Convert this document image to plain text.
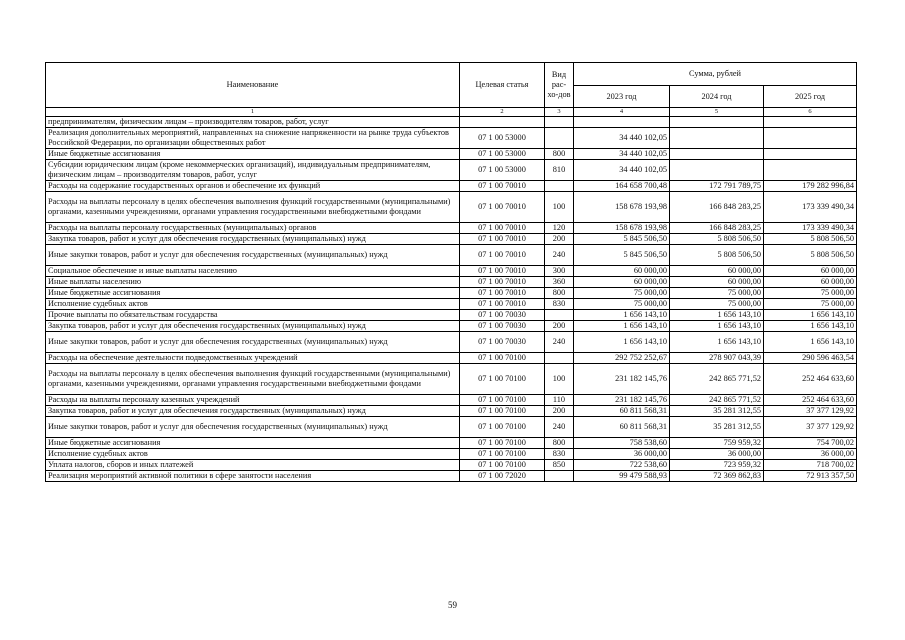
Наименование	Целевая статья	Вид рас-хо-дов	Сумма, рублей		
			2023 год	2024 год	2025 год
1	2	3	4	5	6
предпринимателям, физическим лицам – производителям товаров, работ, услуг					
Реализация дополнительных мероприятий, направленных на снижение напряженности на рынке труда субъектов Российской Федерации, по организации общественных работ	07 1 00 53000		34 440 102,05		
Иные бюджетные ассигнования	07 1 00 53000	800	34 440 102,05		
Субсидии юридическим лицам (кроме некоммерческих организаций), индивидуальным предпринимателям, физическим лицам – производителям товаров, работ, услуг	07 1 00 53000	810	34 440 102,05		
Расходы на содержание государственных органов и обеспечение их функций	07 1 00 70010		164 658 700,48	172 791 789,75	179 282 996,84
Расходы на выплаты персоналу в целях обеспечения выполнения функций государственными (муниципальными) органами, казенными учреждениями, органами управления государственными внебюджетными фондами	07 1 00 70010	100	158 678 193,98	166 848 283,25	173 339 490,34
Расходы на выплаты персоналу государственных (муниципальных) органов	07 1 00 70010	120	158 678 193,98	166 848 283,25	173 339 490,34
Закупка товаров, работ и услуг для обеспечения государственных (муниципальных) нужд	07 1 00 70010	200	5 845 506,50	5 808 506,50	5 808 506,50
Иные закупки товаров, работ и услуг для обеспечения государственных (муниципальных) нужд	07 1 00 70010	240	5 845 506,50	5 808 506,50	5 808 506,50
Социальное обеспечение и иные выплаты населению	07 1 00 70010	300	60 000,00	60 000,00	60 000,00
Иные выплаты населению	07 1 00 70010	360	60 000,00	60 000,00	60 000,00
Иные бюджетные ассигнования	07 1 00 70010	800	75 000,00	75 000,00	75 000,00
Исполнение судебных актов	07 1 00 70010	830	75 000,00	75 000,00	75 000,00
Прочие выплаты по обязательствам государства	07 1 00 70030		1 656 143,10	1 656 143,10	1 656 143,10
Закупка товаров, работ и услуг для обеспечения государственных (муниципальных) нужд	07 1 00 70030	200	1 656 143,10	1 656 143,10	1 656 143,10
Иные закупки товаров, работ и услуг для обеспечения государственных (муниципальных) нужд	07 1 00 70030	240	1 656 143,10	1 656 143,10	1 656 143,10
Расходы на обеспечение деятельности подведомственных учреждений	07 1 00 70100		292 752 252,67	278 907 043,39	290 596 463,54
Расходы на выплаты персоналу в целях обеспечения выполнения функций государственными (муниципальными) органами, казенными учреждениями, органами управления государственными внебюджетными фондами	07 1 00 70100	100	231 182 145,76	242 865 771,52	252 464 633,60
Расходы на выплаты персоналу казенных учреждений	07 1 00 70100	110	231 182 145,76	242 865 771,52	252 464 633,60
Закупка товаров, работ и услуг для обеспечения государственных (муниципальных) нужд	07 1 00 70100	200	60 811 568,31	35 281 312,55	37 377 129,92
Иные закупки товаров, работ и услуг для обеспечения государственных (муниципальных) нужд	07 1 00 70100	240	60 811 568,31	35 281 312,55	37 377 129,92
Иные бюджетные ассигнования	07 1 00 70100	800	758 538,60	759 959,32	754 700,02
Исполнение судебных актов	07 1 00 70100	830	36 000,00	36 000,00	36 000,00
Уплата налогов, сборов и иных платежей	07 1 00 70100	850	722 538,60	723 959,32	718 700,02
Реализация мероприятий активной политики в сфере занятости населения	07 1 00 72020		99 479 588,93	72 369 862,83	72 913 357,50
59
